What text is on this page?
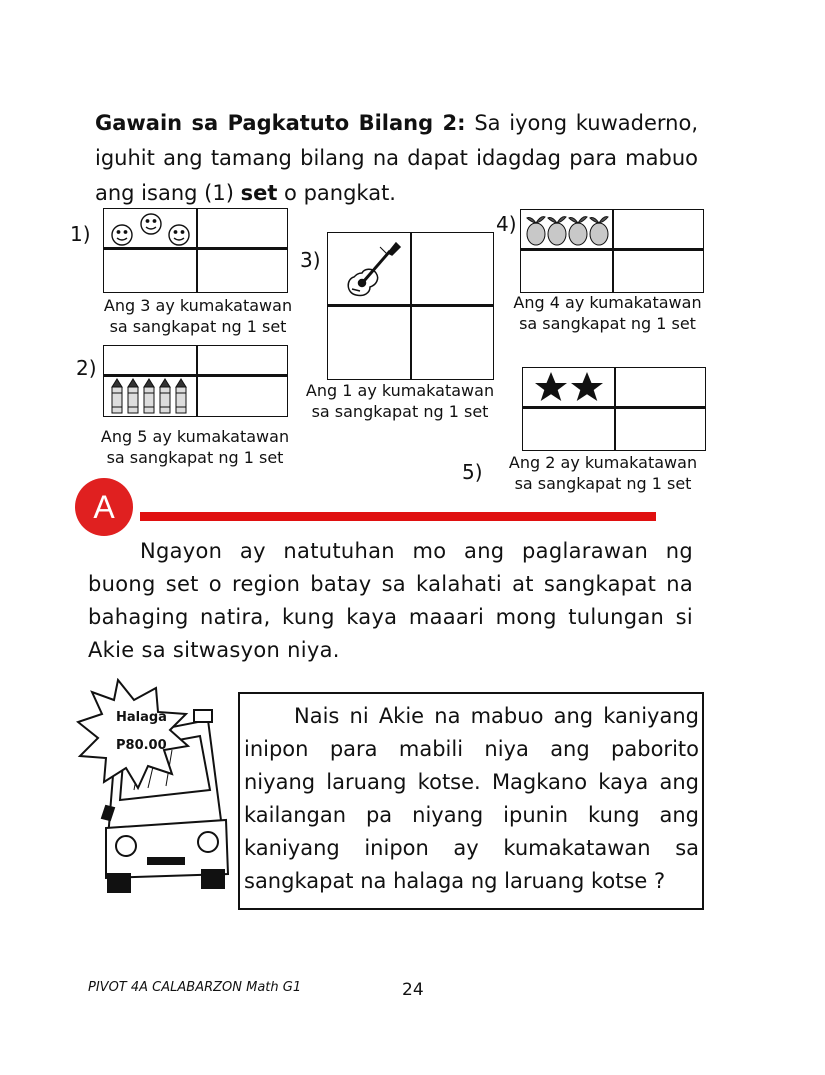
Gawain sa Pagkatuto Bilang 2: Sa iyong kuwaderno, iguhit ang tamang bilang na dapat idagdag para mabuo ang isang (1) set o pangkat.
1)
Ang 3 ay kumakatawan
sa sangkapat ng 1 set
2)
Ang 5 ay kumakatawan
sa sangkapat ng 1 set
3)
Ang 1 ay kumakatawan
sa sangkapat ng 1 set
4)
Ang 4 ay kumakatawan
sa sangkapat ng 1 set
5)	Ang 2 ay kumakatawan
sa sangkapat ng 1 set
A
Ngayon ay natutuhan mo ang paglarawan ng buong set o region batay sa kalahati at sangkapat na bahaging natira, kung kaya maaari mong tulungan si Akie sa sitwasyon niya.
Halaga
P80.00
Nais ni Akie na mabuo ang kaniyang inipon para mabili niya ang paborito niyang laruang kotse. Magkano kaya ang kailangan pa niyang ipunin kung ang kaniyang inipon ay kumakatawan sa sangkapat na halaga ng laruang kotse ?
PIVOT 4A CALABARZON Math G1	24
